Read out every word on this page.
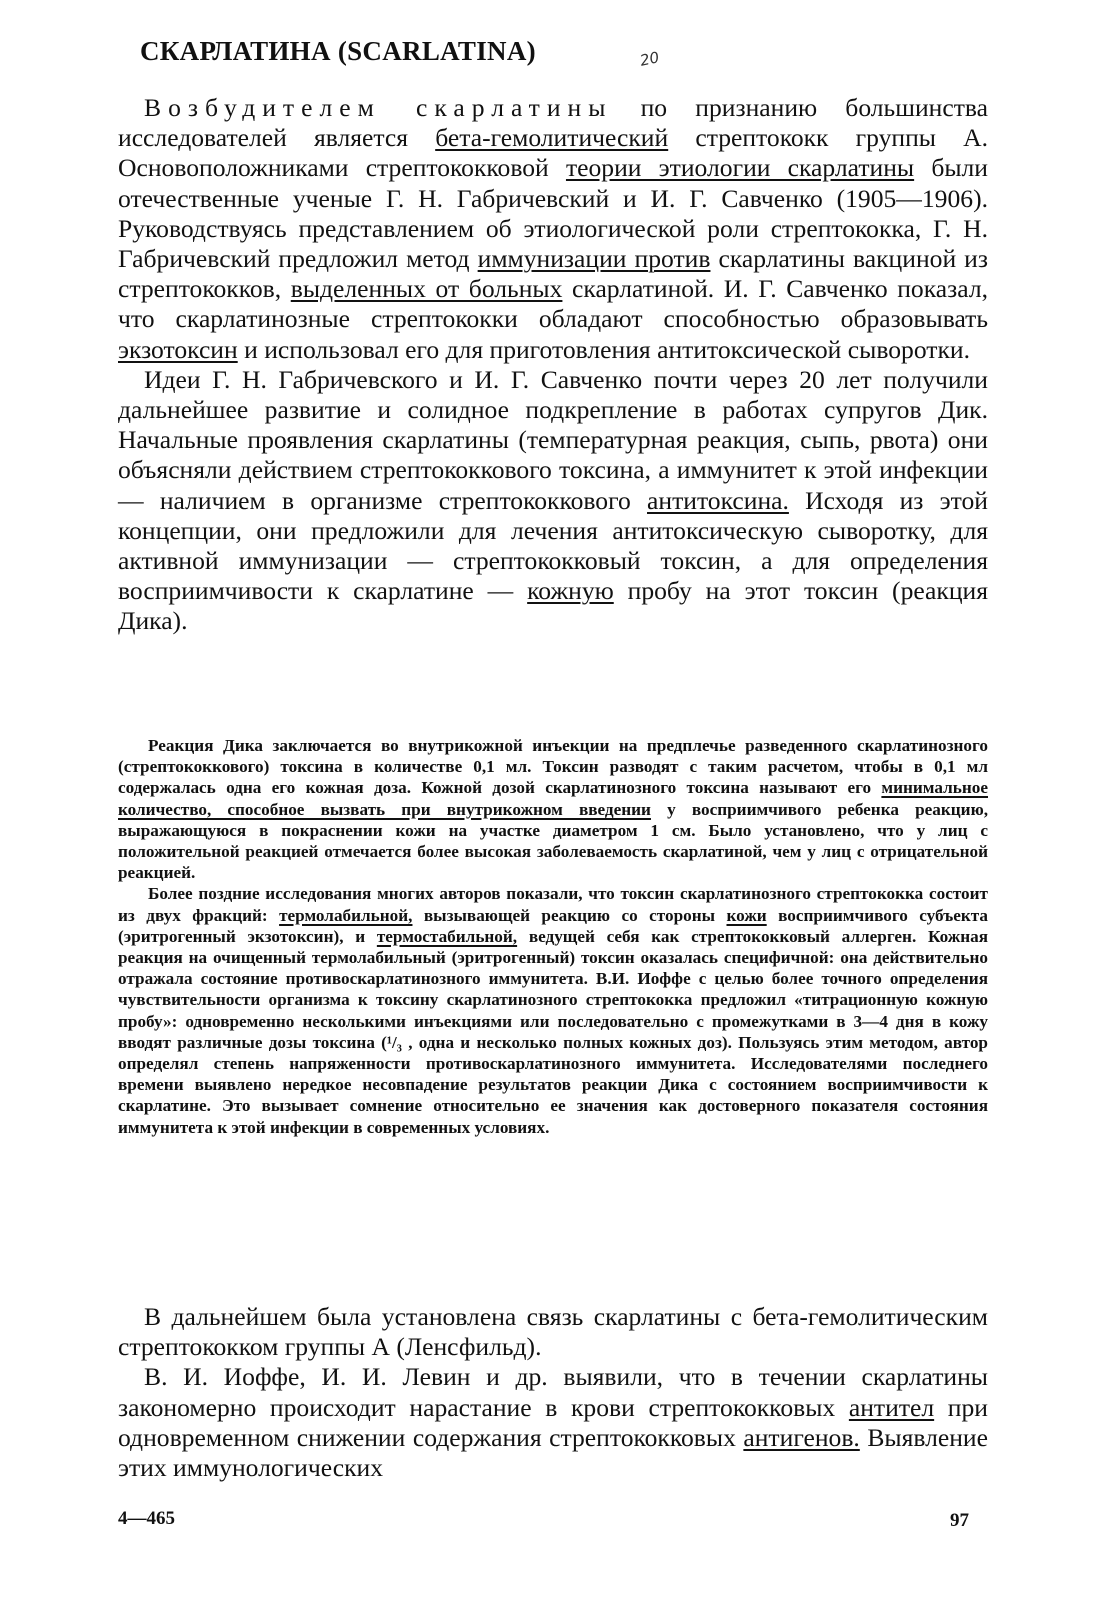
СКАРЛАТИНА (SCARLATINA)	20

Возбудителем скарлатины по признанию большинства исследователей является бета-гемолитический стрептококк группы А. Основоположниками стрептококковой теории этиологии скарлатины были отечественные ученые Г. Н. Габричевский и И. Г. Савченко (1905—1906). Руководствуясь представлением об этиологической роли стрептококка, Г. Н. Габричевский предложил метод иммунизации против скарлатины вакциной из стрептококков, выделенных от больных скарлатиной. И. Г. Савченко показал, что скарлатинозные стрептококки обладают способностью образовывать экзотоксин и использовал его для приготовления антитоксической сыворотки.

Идеи Г. Н. Габричевского и И. Г. Савченко почти через 20 лет получили дальнейшее развитие и солидное подкрепление в работах супругов Дик. Начальные проявления скарлатины (температурная реакция, сыпь, рвота) они объясняли действием стрептококкового токсина, а иммунитет к этой инфекции — наличием в организме стрептококкового антитоксина. Исходя из этой концепции, они предложили для лечения антитоксическую сыворотку, для активной иммунизации — стрептококковый токсин, а для определения восприимчивости к скарлатине — кожную пробу на этот токсин (реакция Дика).

Реакция Дика заключается во внутрикожной инъекции на предплечье разведенного скарлатинозного (стрептококкового) токсина в количестве 0,1 мл. Токсин разводят с таким расчетом, чтобы в 0,1 мл содержалась одна его кожная доза. Кожной дозой скарлатинозного токсина называют его минимальное количество, способное вызвать при внутрикожном введении у восприимчивого ребенка реакцию, выражающуюся в покраснении кожи на участке диаметром 1 см. Было установлено, что у лиц с положительной реакцией отмечается более высокая заболеваемость скарлатиной, чем у лиц с отрицательной реакцией.

Более поздние исследования многих авторов показали, что токсин скарлатинозного стрептококка состоит из двух фракций: термолабильной, вызывающей реакцию со стороны кожи восприимчивого субъекта (эритрогенный экзотоксин), и термостабильной, ведущей себя как стрептококковый аллерген. Кожная реакция на очищенный термолабильный (эритрогенный) токсин оказалась специфичной: она действительно отражала состояние противоскарлатинозного иммунитета. В.И. Иоффе с целью более точного определения чувствительности организма к токсину скарлатинозного стрептококка предложил «титрационную кожную пробу»: одновременно несколькими инъекциями или последовательно с промежутками в 3—4 дня в кожу вводят различные дозы токсина (¹/₃ , одна и несколько полных кожных доз). Пользуясь этим методом, автор определял степень напряженности противоскарлатинозного иммунитета. Исследователями последнего времени выявлено нередкое несовпадение результатов реакции Дика с состоянием восприимчивости к скарлатине. Это вызывает сомнение относительно ее значения как достоверного показателя состояния иммунитета к этой инфекции в современных условиях.

В дальнейшем была установлена связь скарлатины с бета-гемолитическим стрептококком группы А (Ленсфильд).

В. И. Иоффе, И. И. Левин и др. выявили, что в течении скарлатины закономерно происходит нарастание в крови стрептококковых антител при одновременном снижении содержания стрептококковых антигенов. Выявление этих иммунологических

4—465	97
